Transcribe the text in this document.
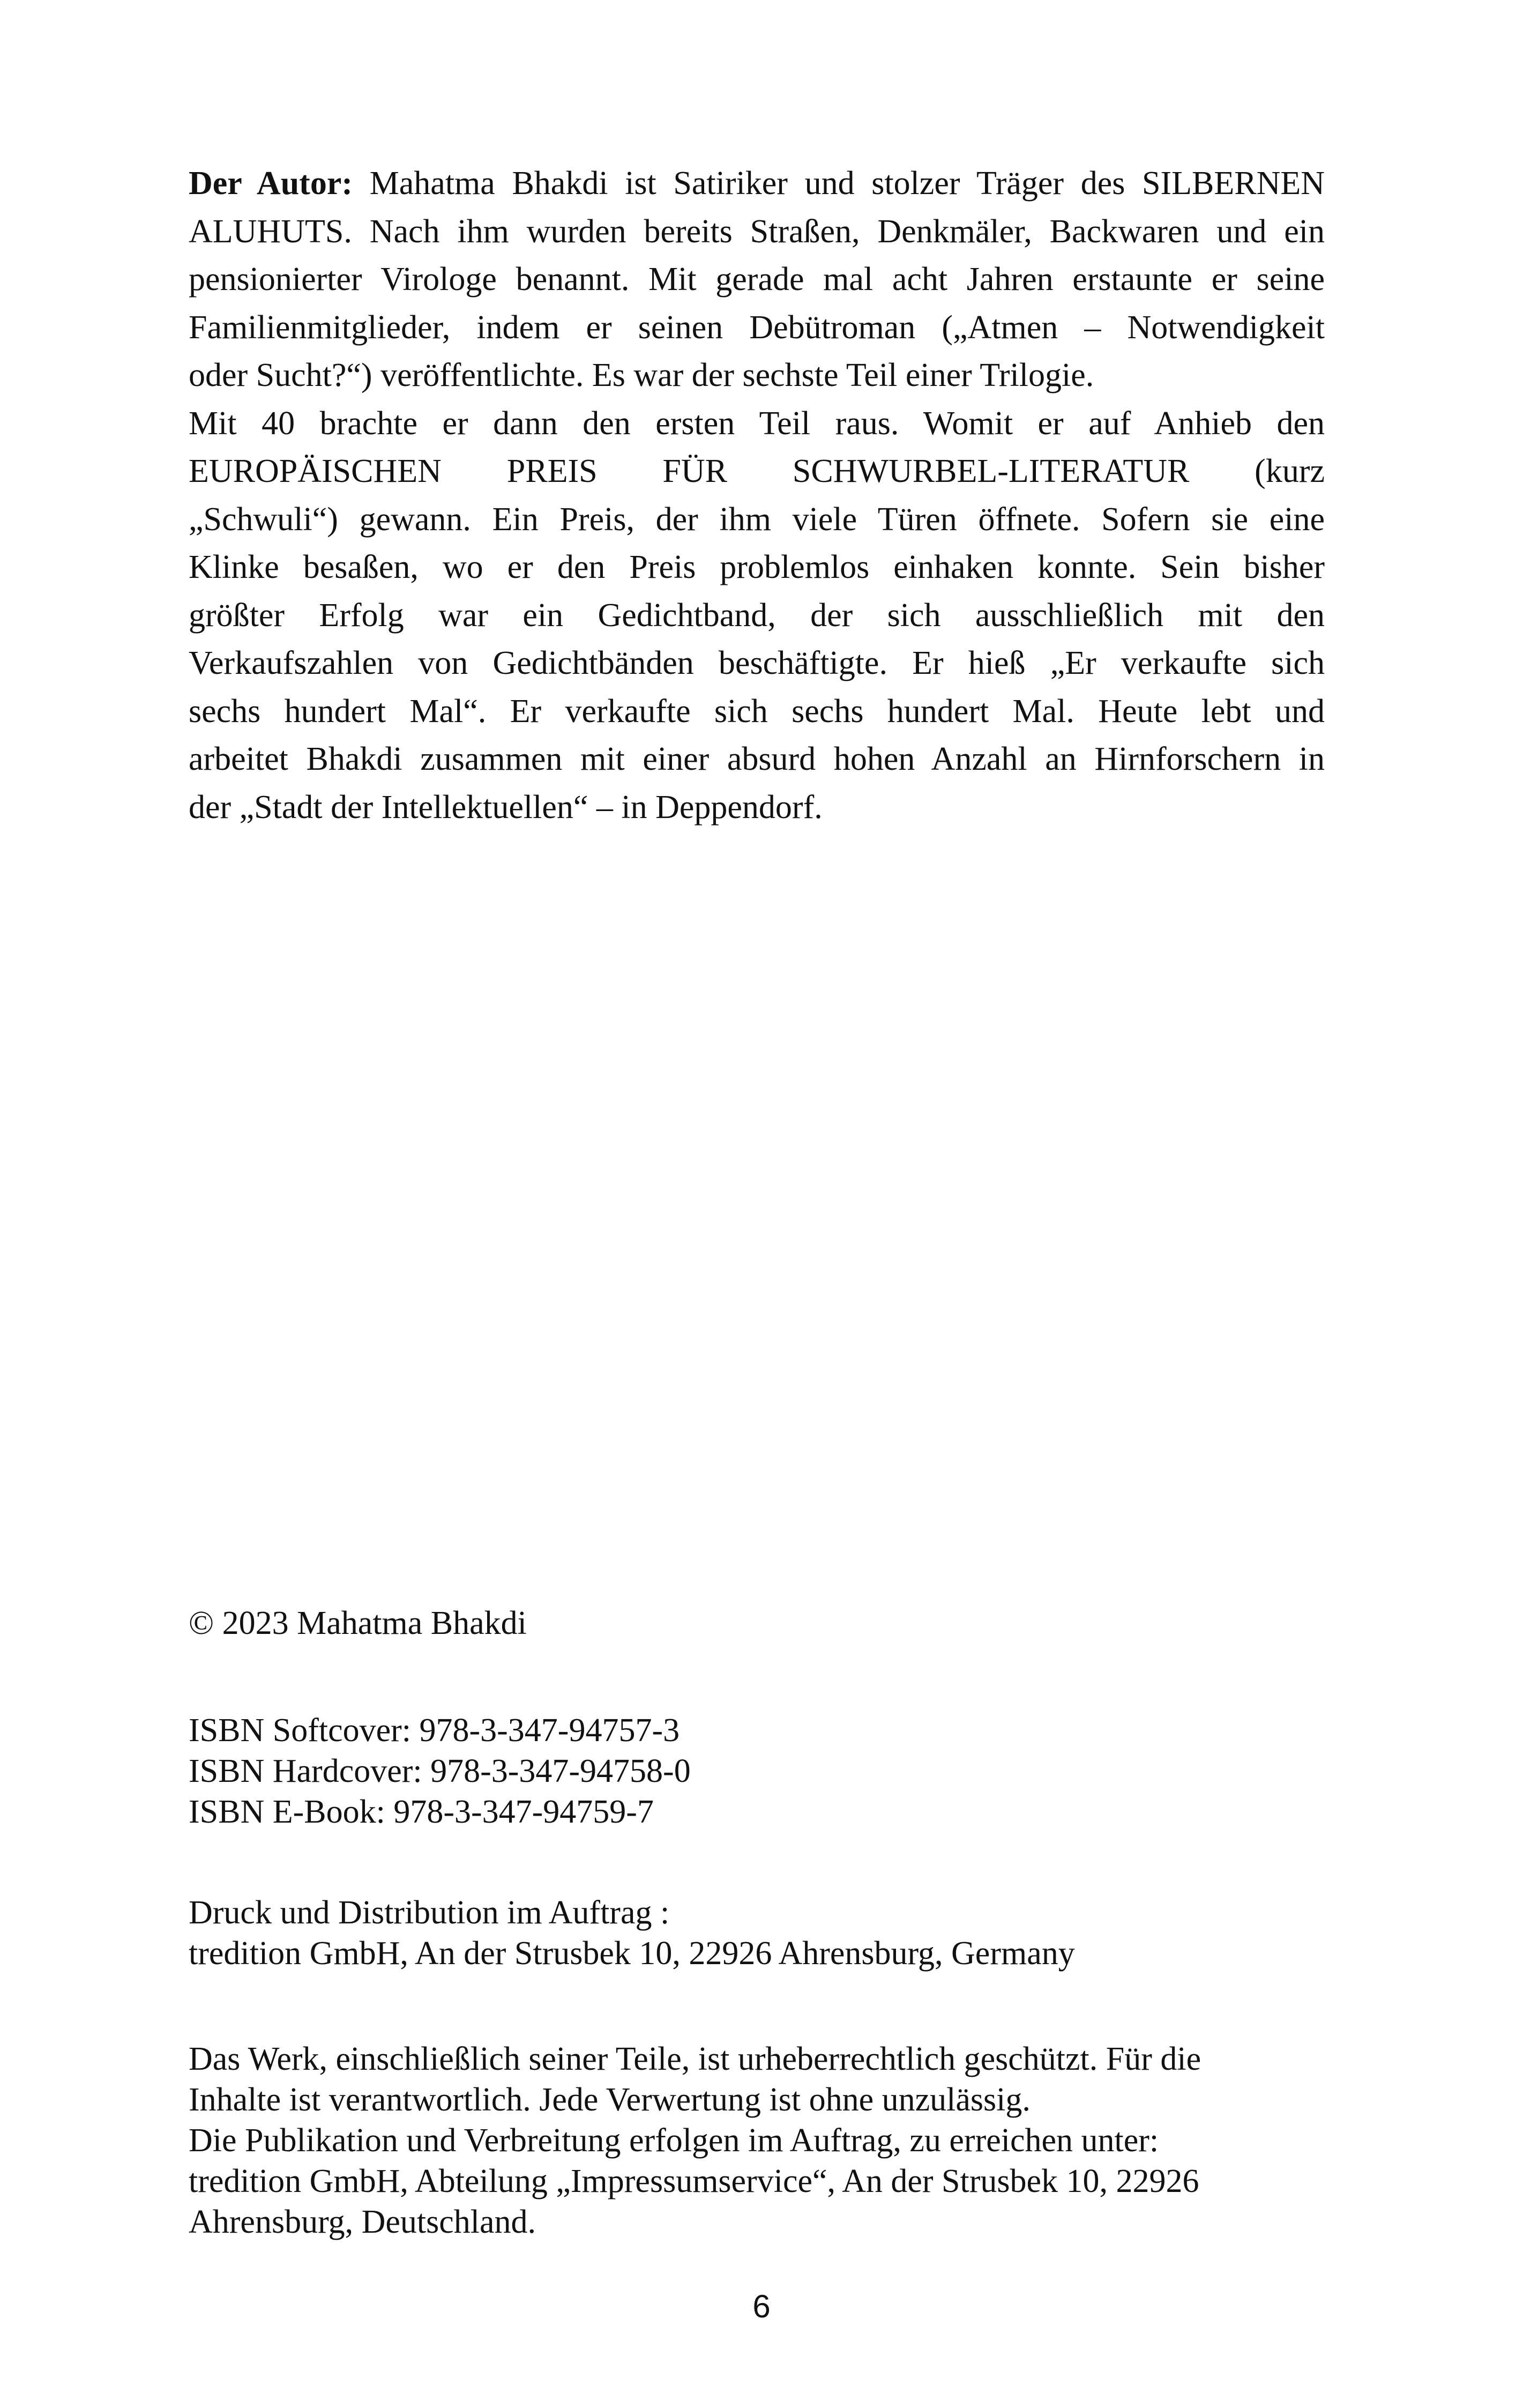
Der Autor: Mahatma Bhakdi ist Satiriker und stolzer Träger des SILBERNEN
ALUHUTS. Nach ihm wurden bereits Straßen, Denkmäler, Backwaren und ein
pensionierter Virologe benannt. Mit gerade mal acht Jahren erstaunte er seine
Familienmitglieder, indem er seinen Debütroman („Atmen – Notwendigkeit
oder Sucht?“) veröffentlichte. Es war der sechste Teil einer Trilogie.
Mit 40 brachte er dann den ersten Teil raus. Womit er auf Anhieb den
EUROPÄISCHEN PREIS FÜR SCHWURBEL-LITERATUR (kurz
„Schwuli“) gewann. Ein Preis, der ihm viele Türen öffnete. Sofern sie eine
Klinke besaßen, wo er den Preis problemlos einhaken konnte. Sein bisher
größter Erfolg war ein Gedichtband, der sich ausschließlich mit den
Verkaufszahlen von Gedichtbänden beschäftigte. Er hieß „Er verkaufte sich
sechs hundert Mal“. Er verkaufte sich sechs hundert Mal. Heute lebt und
arbeitet Bhakdi zusammen mit einer absurd hohen Anzahl an Hirnforschern in
der „Stadt der Intellektuellen“ – in Deppendorf.
© 2023 Mahatma Bhakdi
ISBN Softcover: 978-3-347-94757-3
ISBN Hardcover: 978-3-347-94758-0
ISBN E-Book: 978-3-347-94759-7
Druck und Distribution im Auftrag :
tredition GmbH, An der Strusbek 10, 22926 Ahrensburg, Germany
Das Werk, einschließlich seiner Teile, ist urheberrechtlich geschützt. Für die
Inhalte ist verantwortlich. Jede Verwertung ist ohne unzulässig.
Die Publikation und Verbreitung erfolgen im Auftrag, zu erreichen unter:
tredition GmbH, Abteilung „Impressumservice“, An der Strusbek 10, 22926
Ahrensburg, Deutschland.
6
